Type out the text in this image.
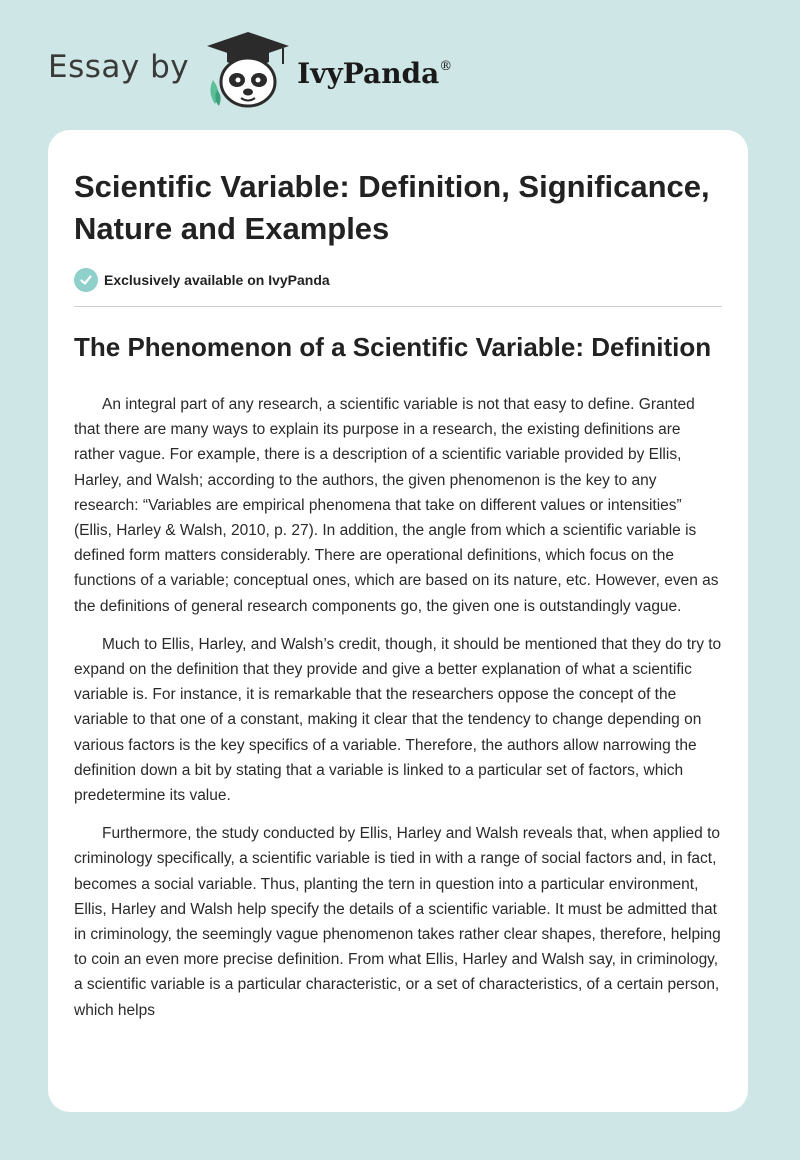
Essay by	IvyPanda®
Scientific Variable: Definition, Significance, Nature and Examples
Exclusively available on IvyPanda
The Phenomenon of a Scientific Variable: Definition

An integral part of any research, a scientific variable is not that easy to define. Granted that there are many ways to explain its purpose in a research, the existing definitions are rather vague. For example, there is a description of a scientific variable provided by Ellis, Harley, and Walsh; according to the authors, the given phenomenon is the key to any research: “Variables are empirical phenomena that take on different values or intensities” (Ellis, Harley & Walsh, 2010, p. 27). In addition, the angle from which a scientific variable is defined form matters considerably. There are operational definitions, which focus on the functions of a variable; conceptual ones, which are based on its nature, etc. However, even as the definitions of general research components go, the given one is outstandingly vague.

Much to Ellis, Harley, and Walsh’s credit, though, it should be mentioned that they do try to expand on the definition that they provide and give a better explanation of what a scientific variable is. For instance, it is remarkable that the researchers oppose the concept of the variable to that one of a constant, making it clear that the tendency to change depending on various factors is the key specifics of a variable. Therefore, the authors allow narrowing the definition down a bit by stating that a variable is linked to a particular set of factors, which predetermine its value.

Furthermore, the study conducted by Ellis, Harley and Walsh reveals that, when applied to criminology specifically, a scientific variable is tied in with a range of social factors and, in fact, becomes a social variable. Thus, planting the tern in question into a particular environment, Ellis, Harley and Walsh help specify the details of a scientific variable. It must be admitted that in criminology, the seemingly vague phenomenon takes rather clear shapes, therefore, helping to coin an even more precise definition. From what Ellis, Harley and Walsh say, in criminology, a scientific variable is a particular characteristic, or a set of characteristics, of a certain person, which helps
